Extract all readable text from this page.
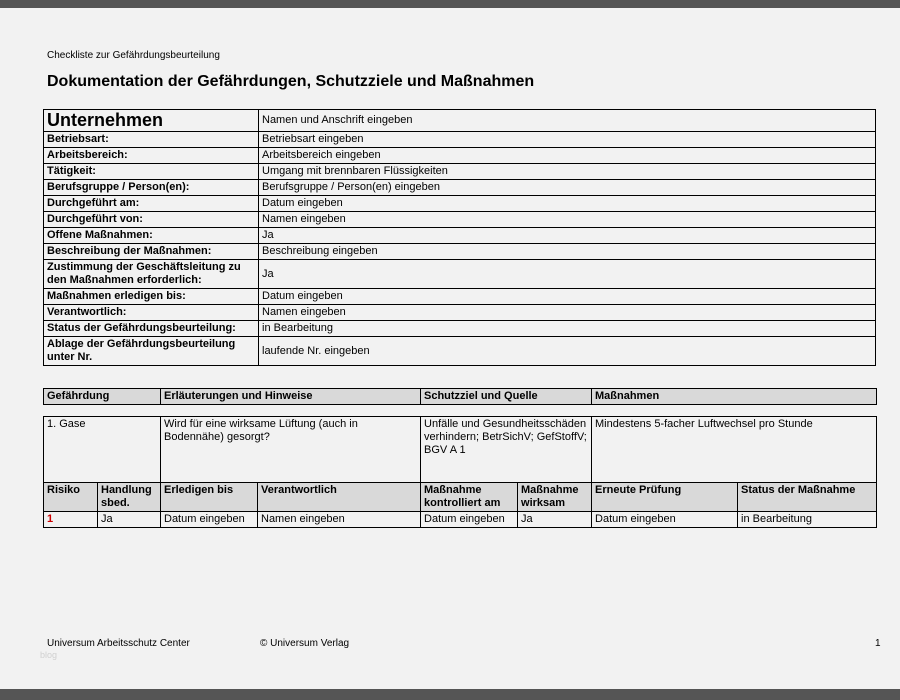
Checkliste zur Gefährdungsbeurteilung
Dokumentation der Gefährdungen, Schutzziele und Maßnahmen
Unternehmen	Namen und Anschrift eingeben
Betriebsart:	Betriebsart eingeben
Arbeitsbereich:	Arbeitsbereich eingeben
Tätigkeit:	Umgang mit brennbaren Flüssigkeiten
Berufsgruppe / Person(en):	Berufsgruppe / Person(en) eingeben
Durchgeführt am:	Datum eingeben
Durchgeführt von:	Namen eingeben
Offene Maßnahmen:	Ja
Beschreibung der Maßnahmen:	Beschreibung eingeben
Zustimmung der Geschäftsleitung zu den Maßnahmen erforderlich:	Ja
Maßnahmen erledigen bis:	Datum eingeben
Verantwortlich:	Namen eingeben
Status der Gefährdungsbeurteilung:	in Bearbeitung
Ablage der Gefährdungsbeurteilung unter Nr.	laufende Nr. eingeben
Gefährdung	Erläuterungen und Hinweise	Schutzziel und Quelle	Maßnahmen
1. Gase		Wird für eine wirksame Lüftung (auch in Bodennähe) gesorgt?		Unfälle und Gesundheitsschäden verhindern; BetrSichV; GefStoffV; BGV A 1		Mindestens 5-facher Luftwechsel pro Stunde	
Risiko	Handlung sbed.	Erledigen bis	Verantwortlich	Maßnahme kontrolliert am	Maßnahme wirksam	Erneute Prüfung	Status der Maßnahme
1	Ja	Datum eingeben	Namen eingeben	Datum eingeben	Ja	Datum eingeben	in Bearbeitung
Universum Arbeitsschutz Center	© Universum Verlag	1
blog
